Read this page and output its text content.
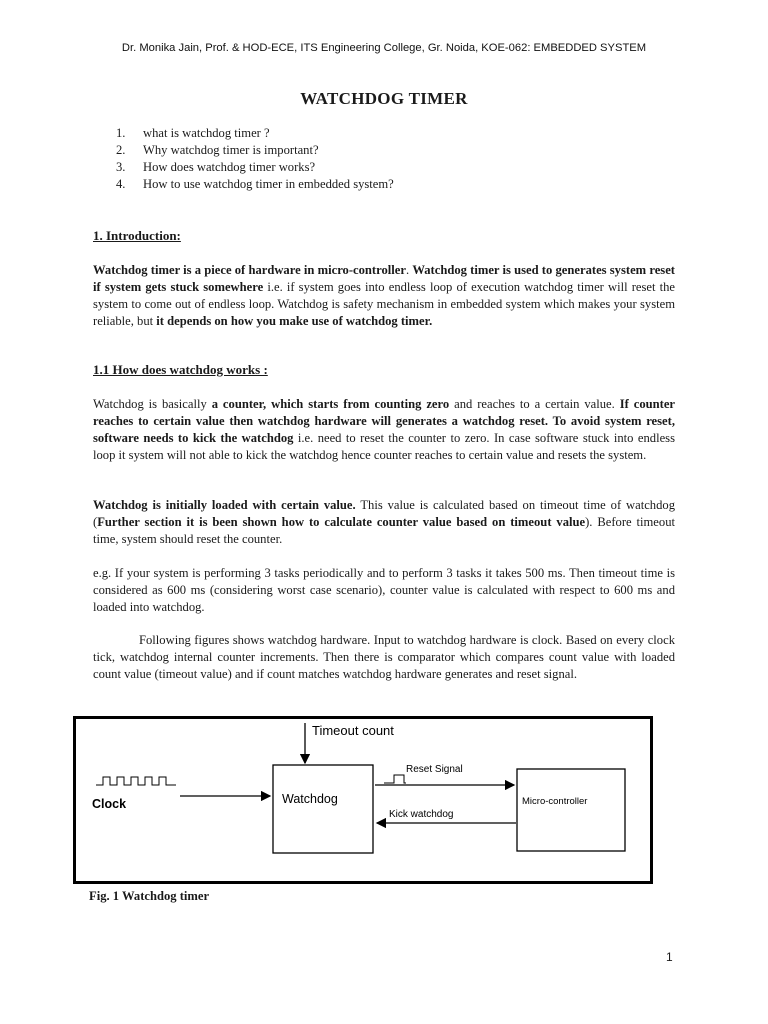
Dr. Monika Jain, Prof. & HOD-ECE, ITS Engineering College, Gr. Noida, KOE-062: EMBEDDED SYSTEM
WATCHDOG TIMER
1. what is watchdog timer ?
2. Why watchdog timer is important?
3. How does watchdog timer works?
4. How to use watchdog timer in embedded system?
1. Introduction:

Watchdog timer is a piece of hardware in micro-controller. Watchdog timer is used to generates system reset if system gets stuck somewhere i.e. if system goes into endless loop of execution watchdog timer will reset the system to come out of endless loop. Watchdog is safety mechanism in embedded system which makes your system reliable, but it depends on how you make use of watchdog timer.

1.1 How does watchdog works :

Watchdog is basically a counter, which starts from counting zero and reaches to a certain value. If counter reaches to certain value then watchdog hardware will generates a watchdog reset. To avoid system reset, software needs to kick the watchdog i.e. need to reset the counter to zero. In case software stuck into endless loop it system will not able to kick the watchdog hence counter reaches to certain value and resets the system.

Watchdog is initially loaded with certain value. This value is calculated based on timeout time of watchdog (Further section it is been shown how to calculate counter value based on timeout value). Before timeout time, system should reset the counter.

e.g. If your system is performing 3 tasks periodically and to perform 3 tasks it takes 500 ms. Then timeout time is considered as 600 ms (considering worst case scenario), counter value is calculated with respect to 600 ms and loaded into watchdog.

Following figures shows watchdog hardware. Input to watchdog hardware is clock. Based on every clock tick, watchdog internal counter increments. Then there is comparator which compares count value with loaded count value (timeout value) and if count matches watchdog hardware generates and reset signal.

Timeout count
Watchdog
Clock
Reset Signal
Kick watchdog
Micro-controller
Fig. 1 Watchdog timer
1
